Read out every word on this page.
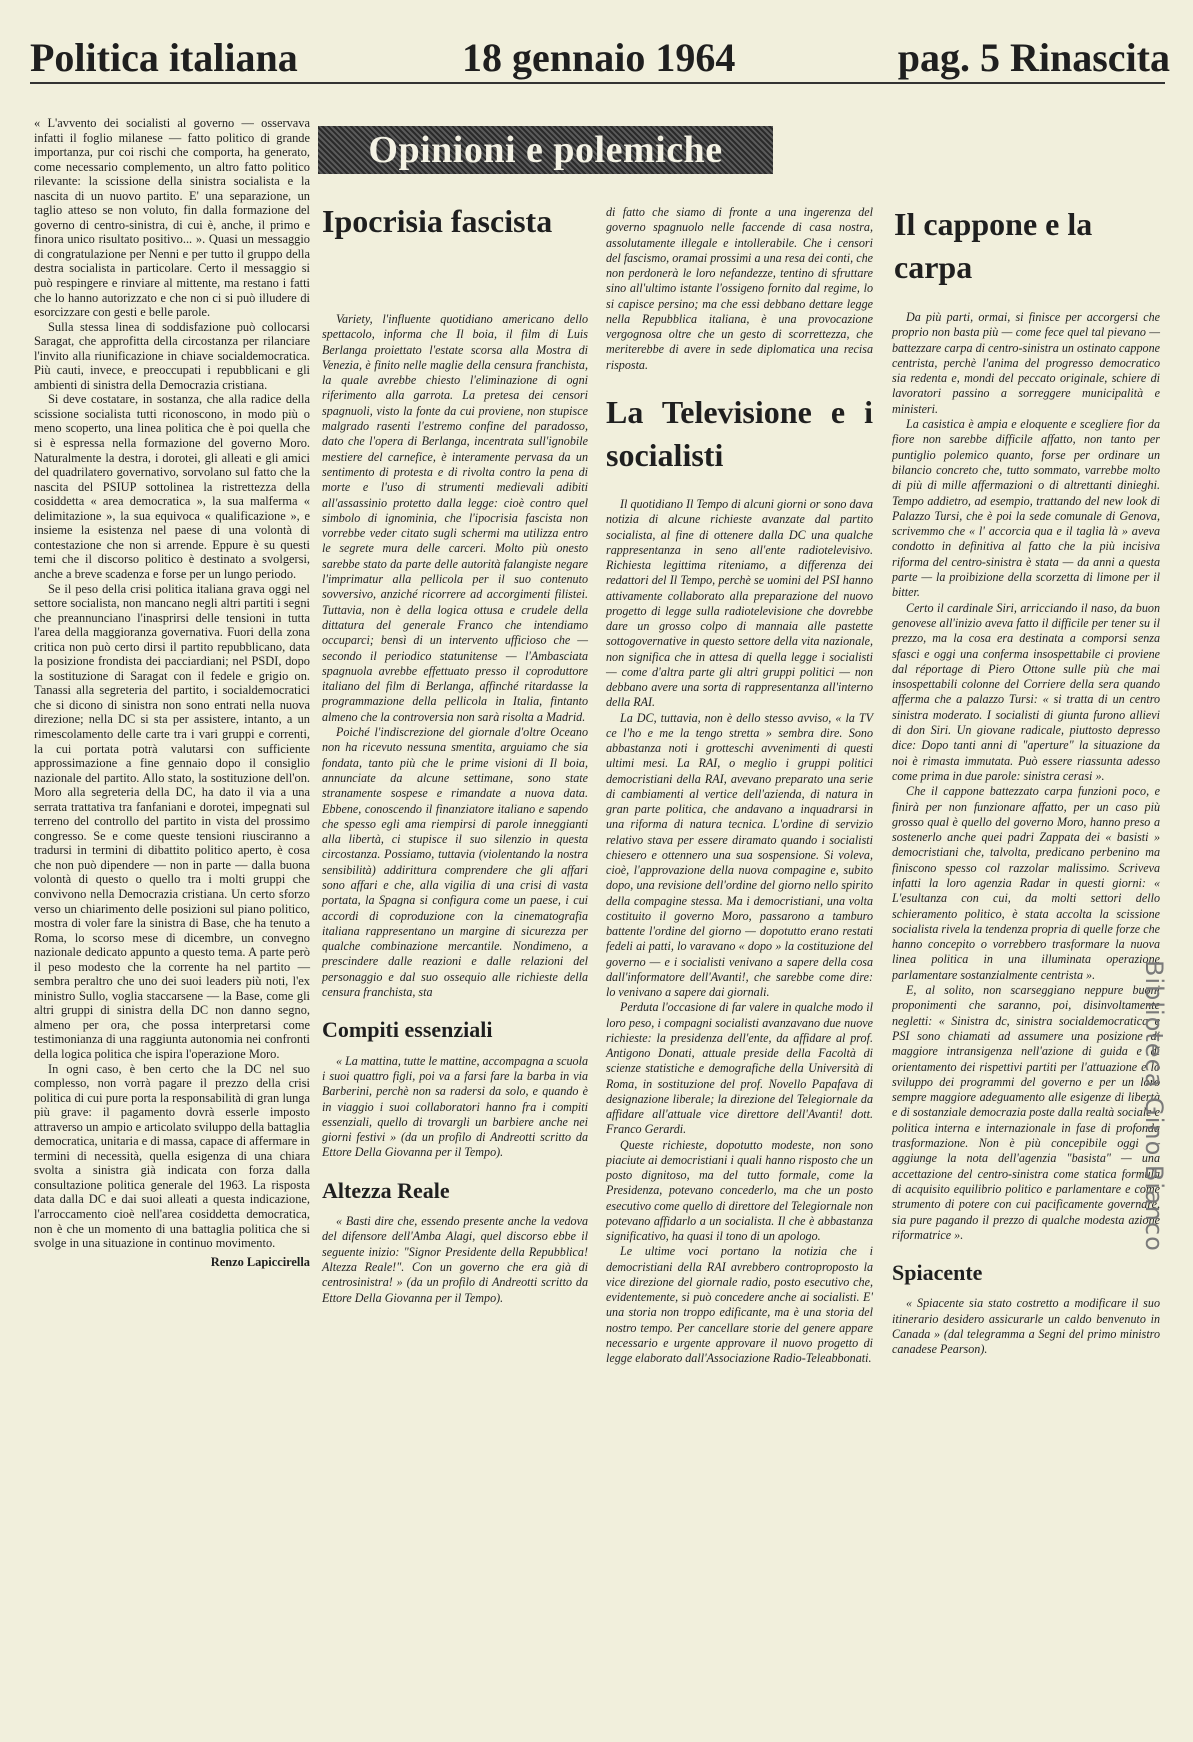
Politica italiana	18 gennaio 1964	pag. 5 Rinascita
Opinioni e polemiche

« L'avvento dei socialisti al governo — osservava infatti il foglio milanese — fatto politico di grande importanza, pur coi rischi che comporta, ha generato, come necessario complemento, un altro fatto politico rilevante: la scissione della sinistra socialista e la nascita di un nuovo partito. E' una separazione, un taglio atteso se non voluto, fin dalla formazione del governo di centro-sinistra, di cui è, anche, il primo e finora unico risultato positivo... ». Quasi un messaggio di congratulazione per Nenni e per tutto il gruppo della destra socialista in particolare. Certo il messaggio si può respingere e rinviare al mittente, ma restano i fatti che lo hanno autorizzato e che non ci si può illudere di esorcizzare con gesti e belle parole.

Sulla stessa linea di soddisfazione può collocarsi Saragat, che approfitta della circostanza per rilanciare l'invito alla riunificazione in chiave socialdemocratica. Più cauti, invece, e preoccupati i repubblicani e gli ambienti di sinistra della Democrazia cristiana.

Si deve costatare, in sostanza, che alla radice della scissione socialista tutti riconoscono, in modo più o meno scoperto, una linea politica che è poi quella che si è espressa nella formazione del governo Moro. Naturalmente la destra, i dorotei, gli alleati e gli amici del quadrilatero governativo, sorvolano sul fatto che la nascita del PSIUP sottolinea la ristrettezza della cosiddetta « area democratica », la sua malferma « delimitazione », la sua equivoca « qualificazione », e insieme la esistenza nel paese di una volontà di contestazione che non si arrende. Eppure è su questi temi che il discorso politico è destinato a svolgersi, anche a breve scadenza e forse per un lungo periodo.

Se il peso della crisi politica italiana grava oggi nel settore socialista, non mancano negli altri partiti i segni che preannunciano l'inasprirsi delle tensioni in tutta l'area della maggioranza governativa. Fuori della zona critica non può certo dirsi il partito repubblicano, data la posizione frondista dei pacciardiani; nel PSDI, dopo la sostituzione di Saragat con il fedele e grigio on. Tanassi alla segreteria del partito, i socialdemocratici che si dicono di sinistra non sono entrati nella nuova direzione; nella DC si sta per assistere, intanto, a un rimescolamento delle carte tra i vari gruppi e correnti, la cui portata potrà valutarsi con sufficiente approssimazione a fine gennaio dopo il consiglio nazionale del partito. Allo stato, la sostituzione dell'on. Moro alla segreteria della DC, ha dato il via a una serrata trattativa tra fanfaniani e dorotei, impegnati sul terreno del controllo del partito in vista del prossimo congresso. Se e come queste tensioni riusciranno a tradursi in termini di dibattito politico aperto, è cosa che non può dipendere — non in parte — dalla buona volontà di questo o quello tra i molti gruppi che convivono nella Democrazia cristiana. Un certo sforzo verso un chiarimento delle posizioni sul piano politico, mostra di voler fare la sinistra di Base, che ha tenuto a Roma, lo scorso mese di dicembre, un convegno nazionale dedicato appunto a questo tema. A parte però il peso modesto che la corrente ha nel partito — sembra peraltro che uno dei suoi leaders più noti, l'ex ministro Sullo, voglia staccarsene — la Base, come gli altri gruppi di sinistra della DC non danno segno, almeno per ora, che possa interpretarsi come testimonianza di una raggiunta autonomia nei confronti della logica politica che ispira l'operazione Moro.

In ogni caso, è ben certo che la DC nel suo complesso, non vorrà pagare il prezzo della crisi politica di cui pure porta la responsabilità di gran lunga più grave: il pagamento dovrà esserle imposto attraverso un ampio e articolato sviluppo della battaglia democratica, unitaria e di massa, capace di affermare in termini di necessità, quella esigenza di una chiara svolta a sinistra già indicata con forza dalla consultazione politica generale del 1963. La risposta data dalla DC e dai suoi alleati a questa indicazione, l'arroccamento cioè nell'area cosiddetta democratica, non è che un momento di una battaglia politica che si svolge in una situazione in continuo movimento.

Renzo Lapiccirella
Ipocrisia fascista

Variety, l'influente quotidiano americano dello spettacolo, informa che Il boia, il film di Luis Berlanga proiettato l'estate scorsa alla Mostra di Venezia, è finito nelle maglie della censura franchista, la quale avrebbe chiesto l'eliminazione di ogni riferimento alla garrota. La pretesa dei censori spagnuoli, visto la fonte da cui proviene, non stupisce malgrado rasenti l'estremo confine del paradosso, dato che l'opera di Berlanga, incentrata sull'ignobile mestiere del carnefice, è interamente pervasa da un sentimento di protesta e di rivolta contro la pena di morte e l'uso di strumenti medievali adibiti all'assassinio protetto dalla legge: cioè contro quel simbolo di ignominia, che l'ipocrisia fascista non vorrebbe veder citato sugli schermi ma utilizza entro le segrete mura delle carceri. Molto più onesto sarebbe stato da parte delle autorità falangiste negare l'imprimatur alla pellicola per il suo contenuto sovversivo, anziché ricorrere ad accorgimenti filistei. Tuttavia, non è della logica ottusa e crudele della dittatura del generale Franco che intendiamo occuparci; bensì di un intervento ufficioso che — secondo il periodico statunitense — l'Ambasciata spagnuola avrebbe effettuato presso il coproduttore italiano del film di Berlanga, affinché ritardasse la programmazione della pellicola in Italia, fintanto almeno che la controversia non sarà risolta a Madrid.

Poiché l'indiscrezione del giornale d'oltre Oceano non ha ricevuto nessuna smentita, arguiamo che sia fondata, tanto più che le prime visioni di Il boia, annunciate da alcune settimane, sono state stranamente sospese e rimandate a nuova data. Ebbene, conoscendo il finanziatore italiano e sapendo che spesso egli ama riempirsi di parole inneggianti alla libertà, ci stupisce il suo silenzio in questa circostanza. Possiamo, tuttavia (violentando la nostra sensibilità) addirittura comprendere che gli affari sono affari e che, alla vigilia di una crisi di vasta portata, la Spagna si configura come un paese, i cui accordi di coproduzione con la cinematografia italiana rappresentano un margine di sicurezza per qualche combinazione mercantile. Nondimeno, a prescindere dalle reazioni e dalle relazioni del personaggio e dal suo ossequio alle richieste della censura franchista, sta

Compiti essenziali

« La mattina, tutte le mattine, accompagna a scuola i suoi quattro figli, poi va a farsi fare la barba in via Barberini, perchè non sa radersi da solo, e quando è in viaggio i suoi collaboratori hanno fra i compiti essenziali, quello di trovargli un barbiere anche nei giorni festivi » (da un profilo di Andreotti scritto da Ettore Della Giovanna per il Tempo).

Altezza Reale

« Basti dire che, essendo presente anche la vedova del difensore dell'Amba Alagi, quel discorso ebbe il seguente inizio: "Signor Presidente della Repubblica! Altezza Reale!". Con un governo che era già di centrosinistra! » (da un profilo di Andreotti scritto da Ettore Della Giovanna per il Tempo).

di fatto che siamo di fronte a una ingerenza del governo spagnuolo nelle faccende di casa nostra, assolutamente illegale e intollerabile. Che i censori del fascismo, oramai prossimi a una resa dei conti, che non perdonerà le loro nefandezze, tentino di sfruttare sino all'ultimo istante l'ossigeno fornito dal regime, lo si capisce persino; ma che essi debbano dettare legge nella Repubblica italiana, è una provocazione vergognosa oltre che un gesto di scorrettezza, che meriterebbe di avere in sede diplomatica una recisa risposta.

La Televisione e i socialisti

Il quotidiano Il Tempo di alcuni giorni or sono dava notizia di alcune richieste avanzate dal partito socialista, al fine di ottenere dalla DC una qualche rappresentanza in seno all'ente radiotelevisivo. Richiesta legittima riteniamo, a differenza dei redattori del Il Tempo, perchè se uomini del PSI hanno attivamente collaborato alla preparazione del nuovo progetto di legge sulla radiotelevisione che dovrebbe dare un grosso colpo di mannaia alle pastette sottogovernative in questo settore della vita nazionale, non significa che in attesa di quella legge i socialisti — come d'altra parte gli altri gruppi politici — non debbano avere una sorta di rappresentanza all'interno della RAI.

La DC, tuttavia, non è dello stesso avviso, « la TV ce l'ho e me la tengo stretta » sembra dire. Sono abbastanza noti i grotteschi avvenimenti di questi ultimi mesi. La RAI, o meglio i gruppi politici democristiani della RAI, avevano preparato una serie di cambiamenti al vertice dell'azienda, di natura in gran parte politica, che andavano a inquadrarsi in una riforma di natura tecnica. L'ordine di servizio relativo stava per essere diramato quando i socialisti chiesero e ottennero una sua sospensione. Si voleva, cioè, l'approvazione della nuova compagine e, subito dopo, una revisione dell'ordine del giorno nello spirito della compagine stessa. Ma i democristiani, una volta costituito il governo Moro, passarono a tamburo battente l'ordine del giorno — dopotutto erano restati fedeli ai patti, lo varavano « dopo » la costituzione del governo — e i socialisti venivano a sapere della cosa dall'informatore dell'Avanti!, che sarebbe come dire: lo venivano a sapere dai giornali.

Perduta l'occasione di far valere in qualche modo il loro peso, i compagni socialisti avanzavano due nuove richieste: la presidenza dell'ente, da affidare al prof. Antigono Donati, attuale preside della Facoltà di scienze statistiche e demografiche della Università di Roma, in sostituzione del prof. Novello Papafava di designazione liberale; la direzione del Telegiornale da affidare all'attuale vice direttore dell'Avanti! dott. Franco Gerardi.

Queste richieste, dopotutto modeste, non sono piaciute ai democristiani i quali hanno risposto che un posto dignitoso, ma del tutto formale, come la Presidenza, potevano concederlo, ma che un posto esecutivo come quello di direttore del Telegiornale non potevano affidarlo a un socialista. Il che è abbastanza significativo, ha quasi il tono di un apologo.

Le ultime voci portano la notizia che i democristiani della RAI avrebbero controproposto la vice direzione del giornale radio, posto esecutivo che, evidentemente, si può concedere anche ai socialisti. E' una storia non troppo edificante, ma è una storia del nostro tempo. Per cancellare storie del genere appare necessario e urgente approvare il nuovo progetto di legge elaborato dall'Associazione Radio-Teleabbonati.

Il cappone e la carpa

Da più parti, ormai, si finisce per accorgersi che proprio non basta più — come fece quel tal pievano — battezzare carpa di centro-sinistra un ostinato cappone centrista, perchè l'anima del progresso democratico sia redenta e, mondi del peccato originale, schiere di lavoratori passino a sorreggere municipalità e ministeri.

La casistica è ampia e eloquente e scegliere fior da fiore non sarebbe difficile affatto, non tanto per puntiglio polemico quanto, forse per ordinare un bilancio concreto che, tutto sommato, varrebbe molto di più di mille affermazioni o di altrettanti diniеghi. Tempo addietro, ad esempio, trattando del new look di Palazzo Tursi, che è poi la sede comunale di Genova, scrivemmo che « l' accorcia qua e il taglia là » aveva condotto in definitiva al fatto che la più incisiva riforma del centro-sinistra è stata — da anni a questa parte — la proibizione della scorzetta di limone per il bitter.

Certo il cardinale Siri, arricciando il naso, da buon genovese all'inizio aveva fatto il difficile per tener su il prezzo, ma la cosa era destinata a comporsi senza sfasci e oggi una conferma insospettabile ci proviene dal réportage di Piero Ottone sulle più che mai insospettabili colonne del Corriere della sera quando afferma che a palazzo Tursi: « si tratta di un centro sinistra moderato. I socialisti di giunta furono allievi di don Siri. Un giovane radicale, piuttosto depresso dice: Dopo tanti anni di "aperture" la situazione da noi è rimasta immutata. Può essere riassunta adesso come prima in due parole: sinistra cerasi ».

Che il cappone battezzato carpa funzioni poco, e finirà per non funzionare affatto, per un caso più grosso qual è quello del governo Moro, hanno preso a sostenerlo anche quei padri Zappata dei « basisti » democristiani che, talvolta, predicano perbenino ma finiscono spesso col razzolar malissimo. Scriveva infatti la loro agenzia Radar in questi giorni: « L'esultanza con cui, da molti settori dello schieramento politico, è stata accolta la scissione socialista rivela la tendenza propria di quelle forze che hanno concepito o vorrebbero trasformare la nuova linea politica in una illuminata operazione parlamentare sostanzialmente centrista ».

E, al solito, non scarseggiano neppure buoni proponimenti che saranno, poi, disinvoltamente negletti: « Sinistra dc, sinistra socialdemocratica e PSI sono chiamati ad assumere una posizione di maggiore intransigenza nell'azione di guida e di orientamento dei rispettivi partiti per l'attuazione e lo sviluppo dei programmi del governo e per un loro sempre maggiore adeguamento alle esigenze di libertà e di sostanziale democrazia poste dalla realtà sociale e politica interna e internazionale in fase di profonda trasformazione. Non è più concepibile oggi — aggiunge la nota dell'agenzia "basista" — una accettazione del centro-sinistra come statica formula di acquisito equilibrio politico e parlamentare e come strumento di potere con cui pacificamente governare, sia pure pagando il prezzo di qualche modesta azione riformatrice ».

Spiacente

« Spiacente sia stato costretto a modificare il suo itinerario desidero assicurarle un caldo benvenuto in Canada » (dal telegramma a Segni del primo ministro canadese Pearson).

Biblioteca Gino Bianco
